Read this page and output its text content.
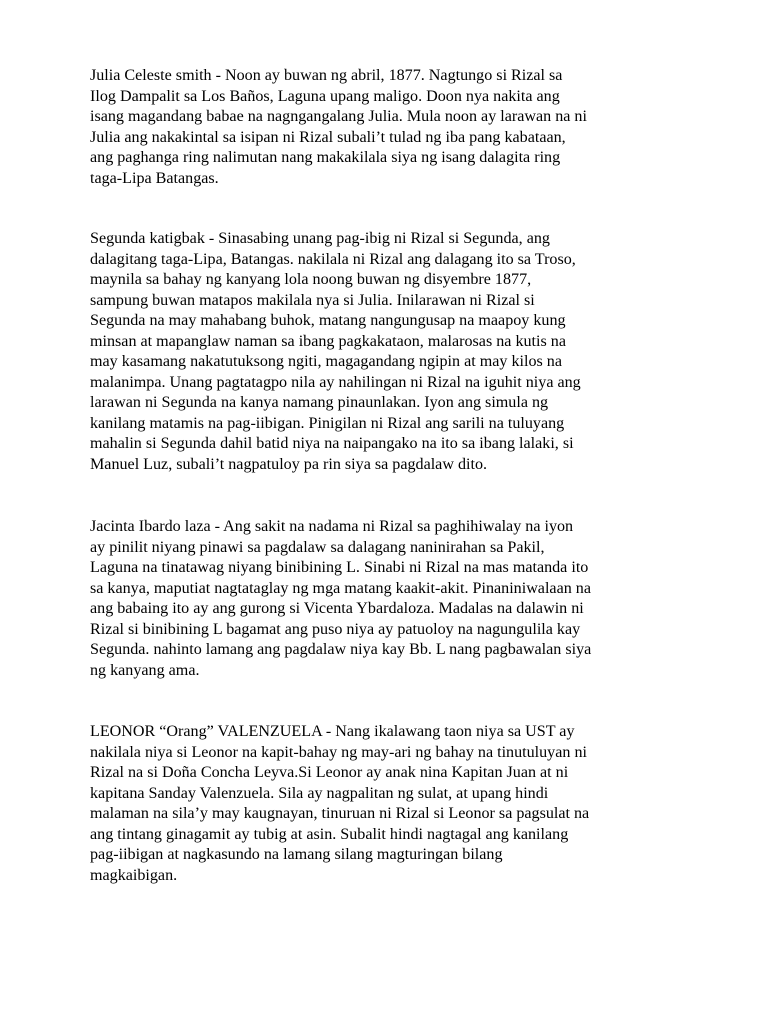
Julia Celeste smith - Noon ay buwan ng abril, 1877. Nagtungo si Rizal sa
Ilog Dampalit sa Los Baños, Laguna upang maligo. Doon nya nakita ang
isang magandang babae na nagngangalang Julia. Mula noon ay larawan na ni
Julia ang nakakintal sa isipan ni Rizal subali’t tulad ng iba pang kabataan,
ang paghanga ring nalimutan nang makakilala siya ng isang dalagita ring
taga-Lipa Batangas.

Segunda katigbak - Sinasabing unang pag-ibig ni Rizal si Segunda, ang
dalagitang taga-Lipa, Batangas. nakilala ni Rizal ang dalagang ito sa Troso,
maynila sa bahay ng kanyang lola noong buwan ng disyembre 1877,
sampung buwan matapos makilala nya si Julia. Inilarawan ni Rizal si
Segunda na may mahabang buhok, matang nangungusap na maapoy kung
minsan at mapanglaw naman sa ibang pagkakataon, malarosas na kutis na
may kasamang nakatutuksong ngiti, magagandang ngipin at may kilos na
malanimpa. Unang pagtatagpo nila ay nahilingan ni Rizal na iguhit niya ang
larawan ni Segunda na kanya namang pinaunlakan. Iyon ang simula ng
kanilang matamis na pag-iibigan. Pinigilan ni Rizal ang sarili na tuluyang
mahalin si Segunda dahil batid niya na naipangako na ito sa ibang lalaki, si
Manuel Luz, subali’t nagpatuloy pa rin siya sa pagdalaw dito.

Jacinta Ibardo laza - Ang sakit na nadama ni Rizal sa paghihiwalay na iyon
ay pinilit niyang pinawi sa pagdalaw sa dalagang naninirahan sa Pakil,
Laguna na tinatawag niyang binibining L. Sinabi ni Rizal na mas matanda ito
sa kanya, maputiat nagtataglay ng mga matang kaakit-akit. Pinaniniwalaan na
ang babaing ito ay ang gurong si Vicenta Ybardaloza. Madalas na dalawin ni
Rizal si binibining L bagamat ang puso niya ay patuoloy na nagungulila kay
Segunda. nahinto lamang ang pagdalaw niya kay Bb. L nang pagbawalan siya
ng kanyang ama.

LEONOR “Orang” VALENZUELA - Nang ikalawang taon niya sa UST ay
nakilala niya si Leonor na kapit-bahay ng may-ari ng bahay na tinutuluyan ni
Rizal na si Doña Concha Leyva.Si Leonor ay anak nina Kapitan Juan at ni
kapitana Sanday Valenzuela. Sila ay nagpalitan ng sulat, at upang hindi
malaman na sila’y may kaugnayan, tinuruan ni Rizal si Leonor sa pagsulat na
ang tintang ginagamit ay tubig at asin. Subalit hindi nagtagal ang kanilang
pag-iibigan at nagkasundo na lamang silang magturingan bilang
magkaibigan.
